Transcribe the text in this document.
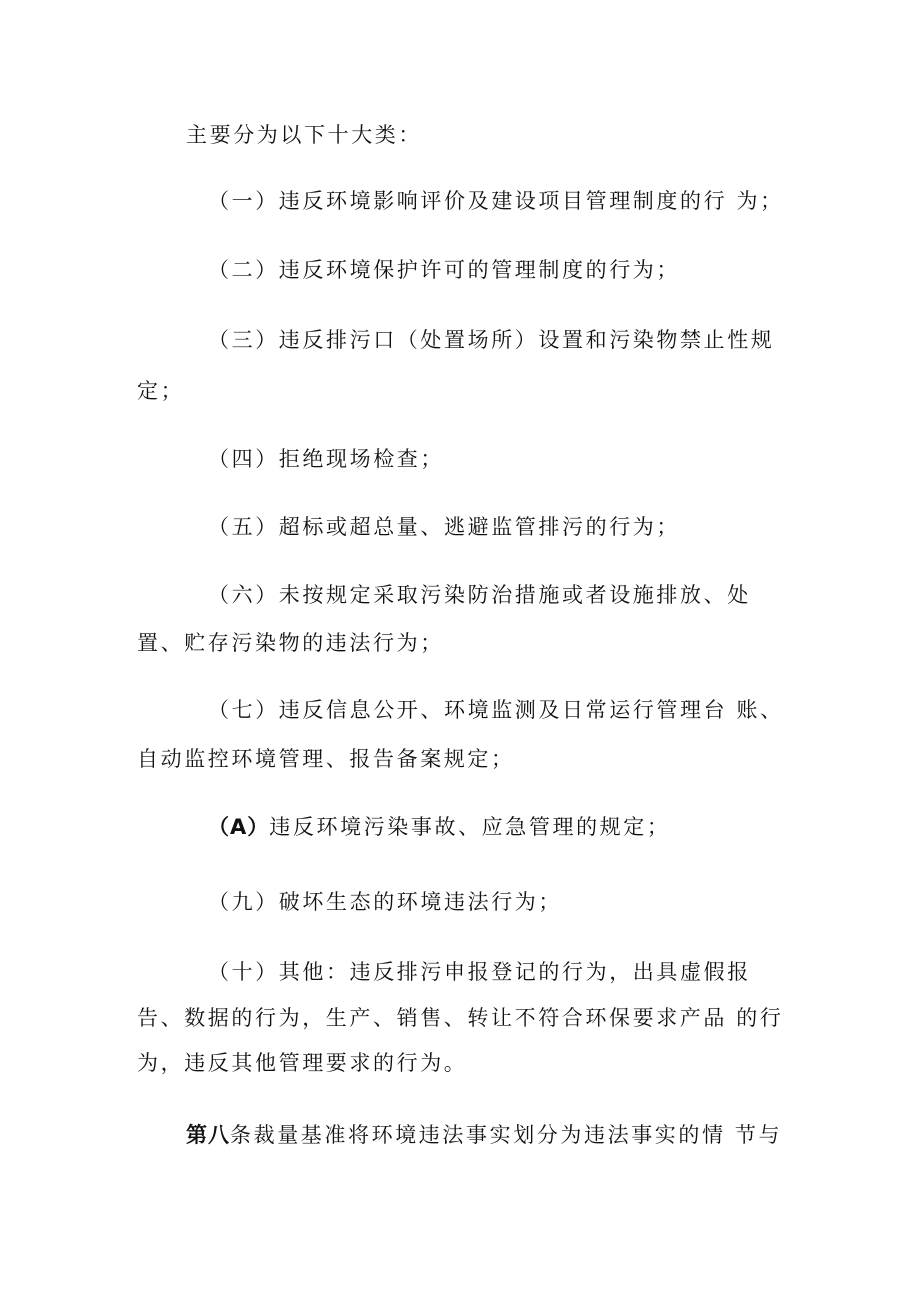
主要分为以下十大类：
（一）违反环境影响评价及建设项目管理制度的行 为；
（二）违反环境保护许可的管理制度的行为；
（三）违反排污口（处置场所）设置和污染物禁止性规
定；
（四）拒绝现场检查；
（五）超标或超总量、逃避监管排污的行为；
（六）未按规定采取污染防治措施或者设施排放、处
置、贮存污染物的违法行为；
（七）违反信息公开、环境监测及日常运行管理台 账、
自动监控环境管理、报告备案规定；
（A）违反环境污染事故、应急管理的规定；
（九）破坏生态的环境违法行为；
（十）其他：违反排污申报登记的行为，出具虚假报
告、数据的行为，生产、销售、转让不符合环保要求产品 的行
为，违反其他管理要求的行为。
第八条裁量基准将环境违法事实划分为违法事实的情 节与
